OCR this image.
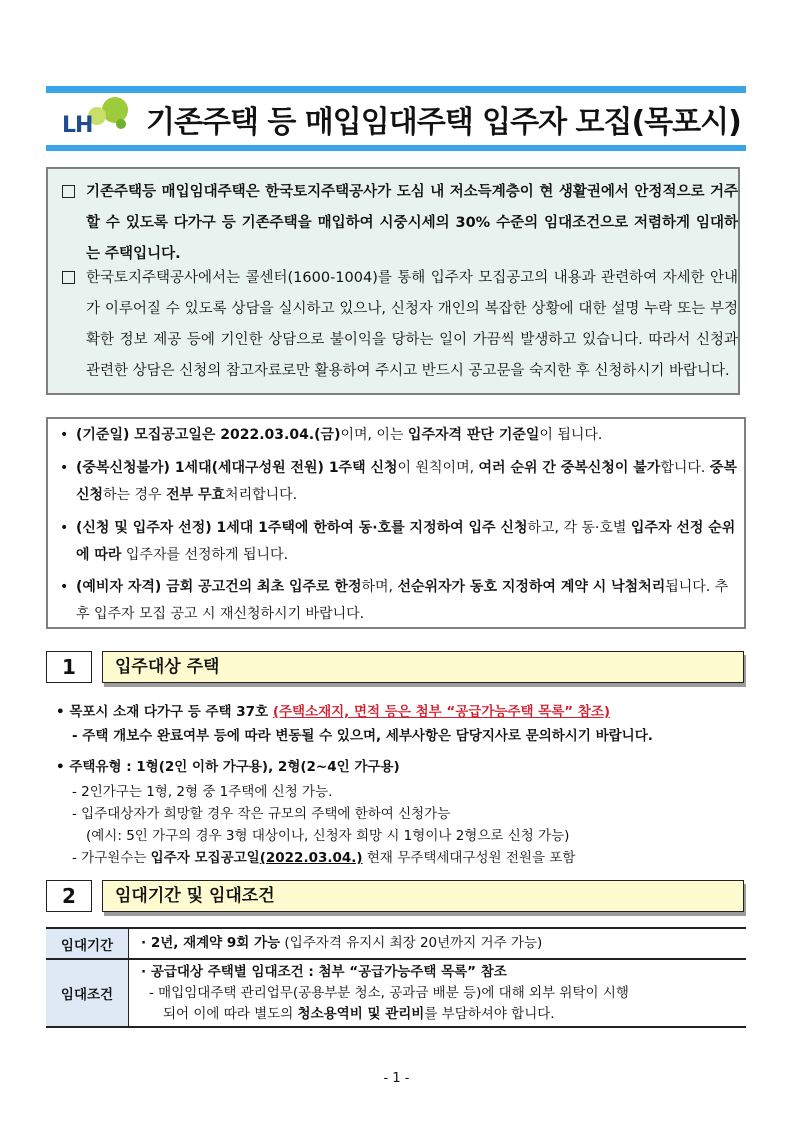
LH 기존주택 등 매입임대주택 입주자 모집(목포시)
기존주택등 매입임대주택은 한국토지주택공사가 도심 내 저소득계층이 현 생활권에서 안정적으로 거주할 수 있도록 다가구 등 기존주택을 매입하여 시중시세의 30% 수준의 임대조건으로 저렴하게 임대하는 주택입니다.
한국토지주택공사에서는 콜센터(1600-1004)를 통해 입주자 모집공고의 내용과 관련하여 자세한 안내가 이루어질 수 있도록 상담을 실시하고 있으나, 신청자 개인의 복잡한 상황에 대한 설명 누락 또는 부정확한 정보 제공 등에 기인한 상담으로 불이익을 당하는 일이 가끔씩 발생하고 있습니다. 따라서 신청과 관련한 상담은 신청의 참고자료로만 활용하여 주시고 반드시 공고문을 숙지한 후 신청하시기 바랍니다.
• (기준일) 모집공고일은 2022.03.04.(금)이며, 이는 입주자격 판단 기준일이 됩니다.
• (중복신청불가) 1세대(세대구성원 전원) 1주택 신청이 원칙이며, 여러 순위 간 중복신청이 불가합니다. 중복 신청하는 경우 전부 무효처리합니다.
• (신청 및 입주자 선정) 1세대 1주택에 한하여 동·호를 지정하여 입주 신청하고, 각 동·호별 입주자 선정 순위에 따라 입주자를 선정하게 됩니다.
• (예비자 자격) 금회 공고건의 최초 입주로 한정하며, 선순위자가 동호 지정하여 계약 시 낙첨처리됩니다. 추후 입주자 모집 공고 시 재신청하시기 바랍니다.
1	입주대상 주택
• 목포시 소재 다가구 등 주택 37호 (주택소재지, 면적 등은 첨부 “공급가능주택 목록” 참조)
- 주택 개보수 완료여부 등에 따라 변동될 수 있으며, 세부사항은 담당지사로 문의하시기 바랍니다.
• 주택유형 : 1형(2인 이하 가구용), 2형(2~4인 가구용)
- 2인가구는 1형, 2형 중 1주택에 신청 가능.
- 입주대상자가 희망할 경우 작은 규모의 주택에 한하여 신청가능
(예시: 5인 가구의 경우 3형 대상이나, 신청자 희망 시 1형이나 2형으로 신청 가능)
- 가구원수는 입주자 모집공고일(2022.03.04.) 현재 무주택세대구성원 전원을 포함
2	임대기간 및 임대조건
임대기간	· 2년, 재계약 9회 가능 (입주자격 유지시 최장 20년까지 거주 가능)

임대조건	· 공급대상 주택별 임대조건 : 첨부 “공급가능주택 목록” 참조
- 매입임대주택 관리업무(공용부분 청소, 공과금 배분 등)에 대해 외부 위탁이 시행
되어 이에 따라 별도의 청소용역비 및 관리비를 부담하셔야 합니다.
- 1 -
